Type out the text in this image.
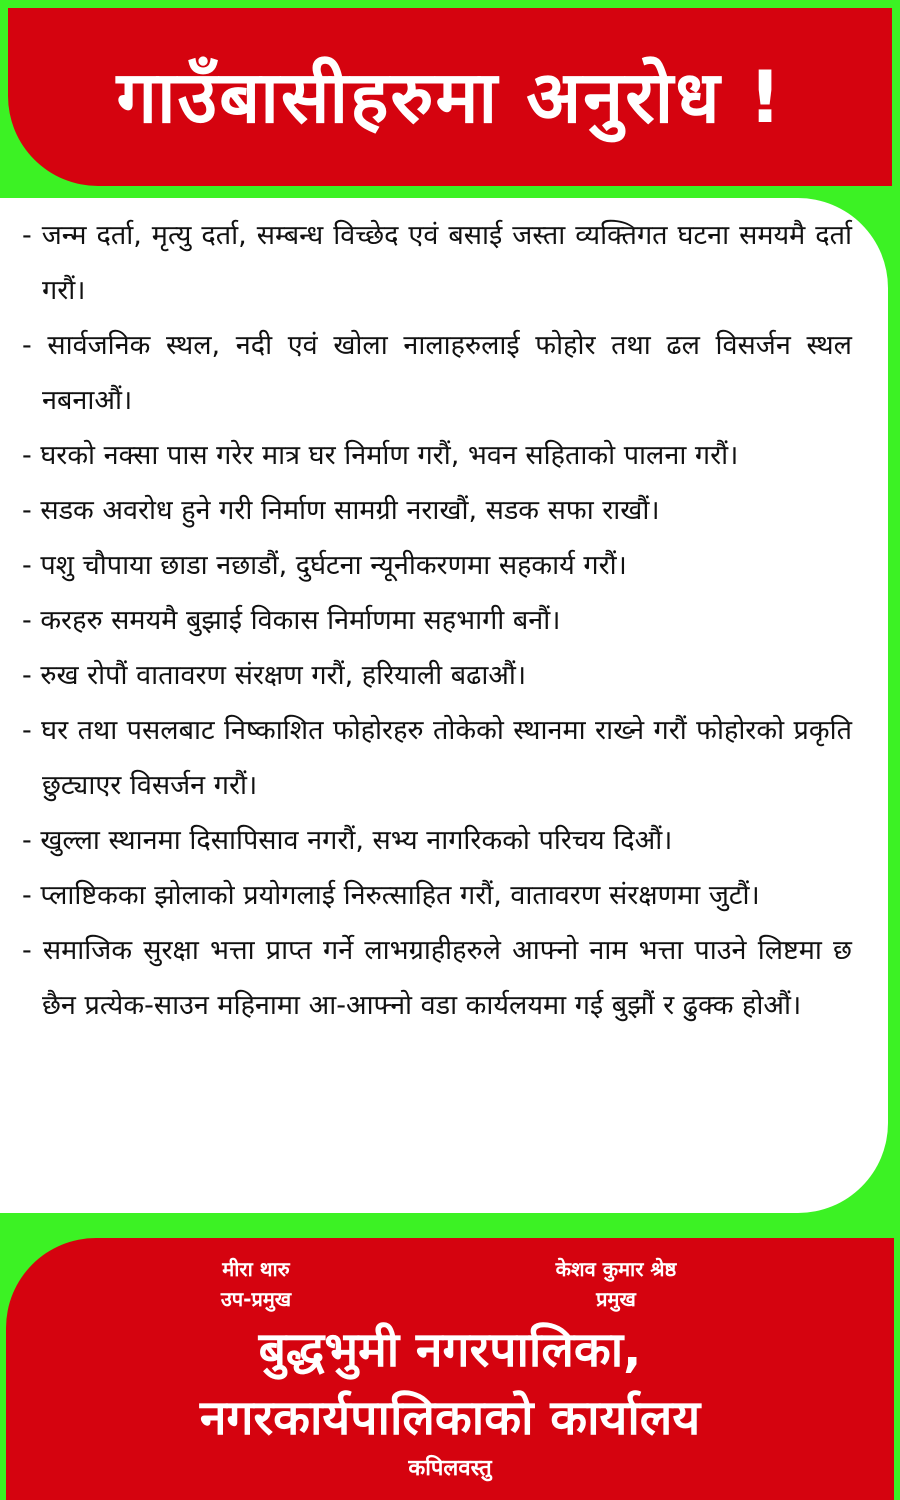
गाउँबासीहरुमा अनुरोध !
- जन्म दर्ता, मृत्यु दर्ता, सम्बन्ध विच्छेद एवं बसाई जस्ता व्यक्तिगत घटना समयमै दर्ता गरौं।
- सार्वजनिक स्थल, नदी एवं खोला नालाहरुलाई फोहोर तथा ढल विसर्जन स्थल नबनाऔं।
- घरको नक्सा पास गरेर मात्र घर निर्माण गरौं, भवन सहिताको पालना गरौं।
- सडक अवरोध हुने गरी निर्माण सामग्री नराखौं, सडक सफा राखौं।
- पशु चौपाया छाडा नछाडौं, दुर्घटना न्यूनीकरणमा सहकार्य गरौं।
- करहरु समयमै बुझाई विकास निर्माणमा सहभागी बनौं।
- रुख रोपौं वातावरण संरक्षण गरौं, हरियाली बढाऔं।
- घर तथा पसलबाट निष्काशित फोहोरहरु तोकेको स्थानमा राख्ने गरौं फोहोरको प्रकृति छुट्याएर विसर्जन गरौं।
- खुल्ला स्थानमा दिसापिसाव नगरौं, सभ्य नागरिकको परिचय दिऔं।
- प्लाष्टिकका झोलाको प्रयोगलाई निरुत्साहित गरौं, वातावरण संरक्षणमा जुटौं।
- समाजिक सुरक्षा भत्ता प्राप्त गर्ने लाभग्राहीहरुले आफ्नो नाम भत्ता पाउने लिष्टमा छ छैन प्रत्येक-साउन महिनामा आ-आफ्नो वडा कार्यलयमा गई बुझौं र ढुक्क होऔं।
मीरा थारु
उप-प्रमुख
केशव कुमार श्रेष्ठ
प्रमुख

बुद्धभुमी नगरपालिका,

नगरकार्यपालिकाको कार्यालय

कपिलवस्तु
